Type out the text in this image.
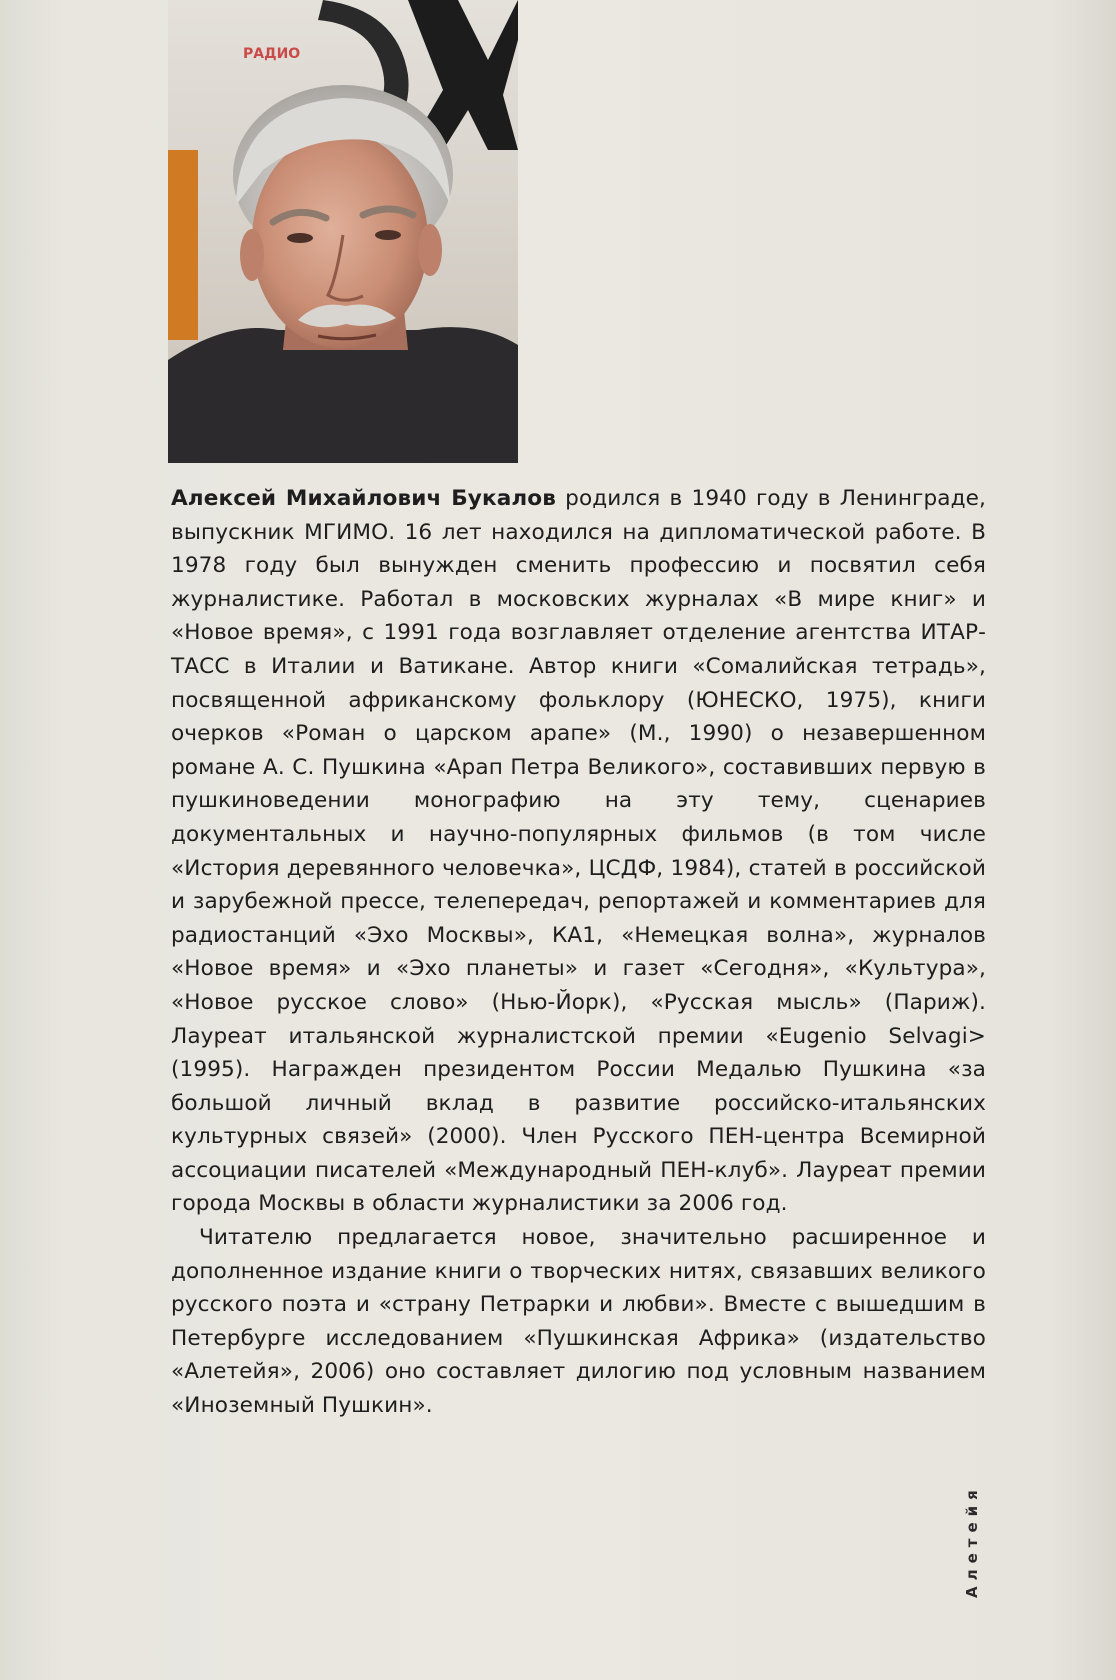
РАДИО

Алексей Михайлович Букалов родился в 1940 году в Ленинграде, выпускник МГИМО. 16 лет находился на дипломатической работе. В 1978 году был вынужден сменить профессию и посвятил себя журналистике. Работал в московских журналах «В мире книг» и «Новое время», с 1991 года возглавляет отделение агентства ИТАР-ТАСС в Италии и Ватикане. Автор книги «Сомалийская тетрадь», посвященной африканскому фольклору (ЮНЕСКО, 1975), книги очерков «Роман о царском арапе» (М., 1990) о незавершенном романе А. С. Пушкина «Арап Петра Великого», составивших первую в пушкиноведении монографию на эту тему, сценариев документальных и научно-популярных фильмов (в том числе «История деревянного человечка», ЦСДФ, 1984), статей в российской и зарубежной прессе, телепередач, репортажей и комментариев для радиостанций «Эхо Москвы», КА1, «Немецкая волна», журналов «Новое время» и «Эхо планеты» и газет «Сегодня», «Культура», «Новое русское слово» (Нью-Йорк), «Русская мысль» (Париж). Лауреат итальянской журналистской премии «Eugenio Selvagi> (1995). Награжден президентом России Медалью Пушкина «за большой личный вклад в развитие российско-итальянских культурных связей» (2000). Член Русского ПЕН-центра Всемирной ассоциации писателей «Международный ПЕН-клуб». Лауреат премии города Москвы в области журналистики за 2006 год.

Читателю предлагается новое, значительно расширенное и дополненное издание книги о творческих нитях, связавших великого русского поэта и «страну Петрарки и любви». Вместе с вышедшим в Петербурге исследованием «Пушкинская Африка» (издательство «Алетейя», 2006) оно составляет дилогию под условным названием «Иноземный Пушкин».

Алетейя
